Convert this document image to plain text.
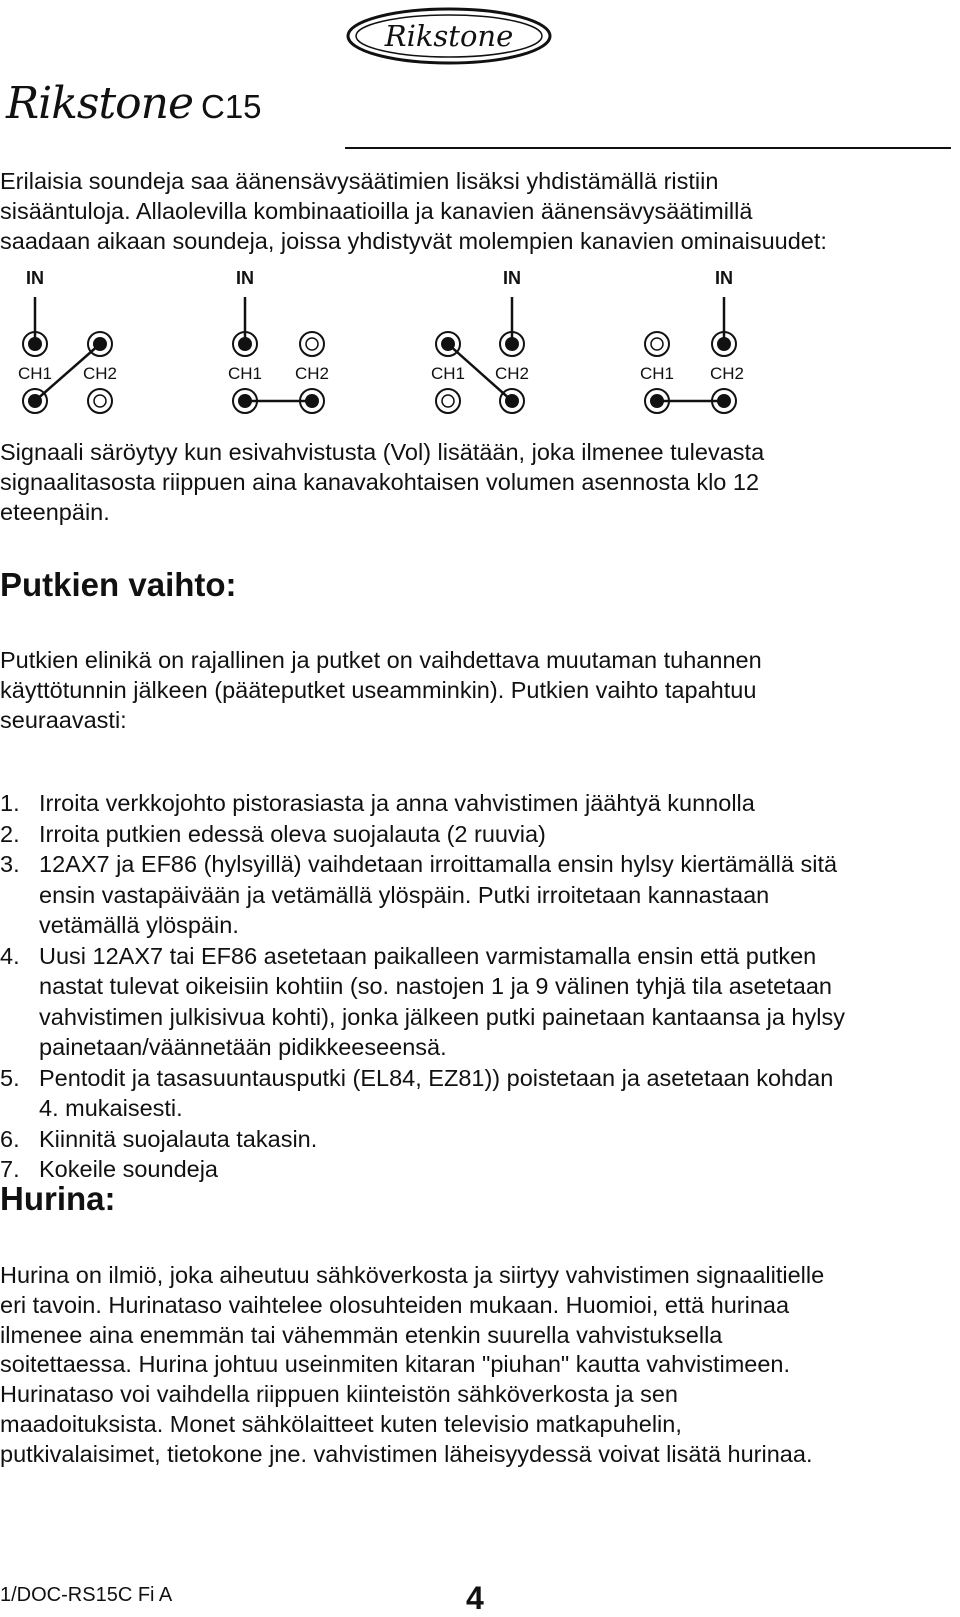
Rikstone
Rikstone C15
Erilaisia soundeja saa äänensävysäätimien lisäksi yhdistämällä ristiin
sisääntuloja. Allaolevilla kombinaatioilla ja kanavien äänensävysäätimillä
saadaan aikaan soundeja, joissa yhdistyvät molempien kanavien ominaisuudet:
IN
CH1 CH2
IN
CH1 CH2
IN
CH1 CH2
IN
CH1 CH2
Signaali säröytyy kun esivahvistusta (Vol) lisätään, joka ilmenee tulevasta
signaalitasosta riippuen aina kanavakohtaisen volumen asennosta klo 12
eteenpäin.
Putkien vaihto:
Putkien elinikä on rajallinen ja putket on vaihdettava muutaman tuhannen
käyttötunnin jälkeen (pääteputket useamminkin). Putkien vaihto tapahtuu
seuraavasti:
1. Irroita verkkojohto pistorasiasta ja anna vahvistimen jäähtyä kunnolla
2. Irroita putkien edessä oleva suojalauta (2 ruuvia)
3. 12AX7 ja EF86 (hylsyillä) vaihdetaan irroittamalla ensin hylsy kiertämällä sitä
ensin vastapäivään ja vetämällä ylöspäin. Putki irroitetaan kannastaan
vetämällä ylöspäin.
4. Uusi 12AX7 tai EF86 asetetaan paikalleen varmistamalla ensin että putken
nastat tulevat oikeisiin kohtiin (so. nastojen 1 ja 9 välinen tyhjä tila asetetaan
vahvistimen julkisivua kohti), jonka jälkeen putki painetaan kantaansa ja hylsy
painetaan/väännetään pidikkeeseensä.
5. Pentodit ja tasasuuntausputki (EL84, EZ81)) poistetaan ja asetetaan kohdan
4. mukaisesti.
6. Kiinnitä suojalauta takasin.
7. Kokeile soundeja
Hurina:
Hurina on ilmiö, joka aiheutuu sähköverkosta ja siirtyy vahvistimen signaalitielle
eri tavoin. Hurinataso vaihtelee olosuhteiden mukaan. Huomioi, että hurinaa
ilmenee aina enemmän tai vähemmän etenkin suurella vahvistuksella
soitettaessa. Hurina johtuu useinmiten kitaran "piuhan" kautta vahvistimeen.
Hurinataso voi vaihdella riippuen kiinteistön sähköverkosta ja sen
maadoituksista. Monet sähkölaitteet kuten televisio matkapuhelin,
putkivalaisimet, tietokone jne. vahvistimen läheisyydessä voivat lisätä hurinaa.
1/DOC-RS15C Fi A	4
